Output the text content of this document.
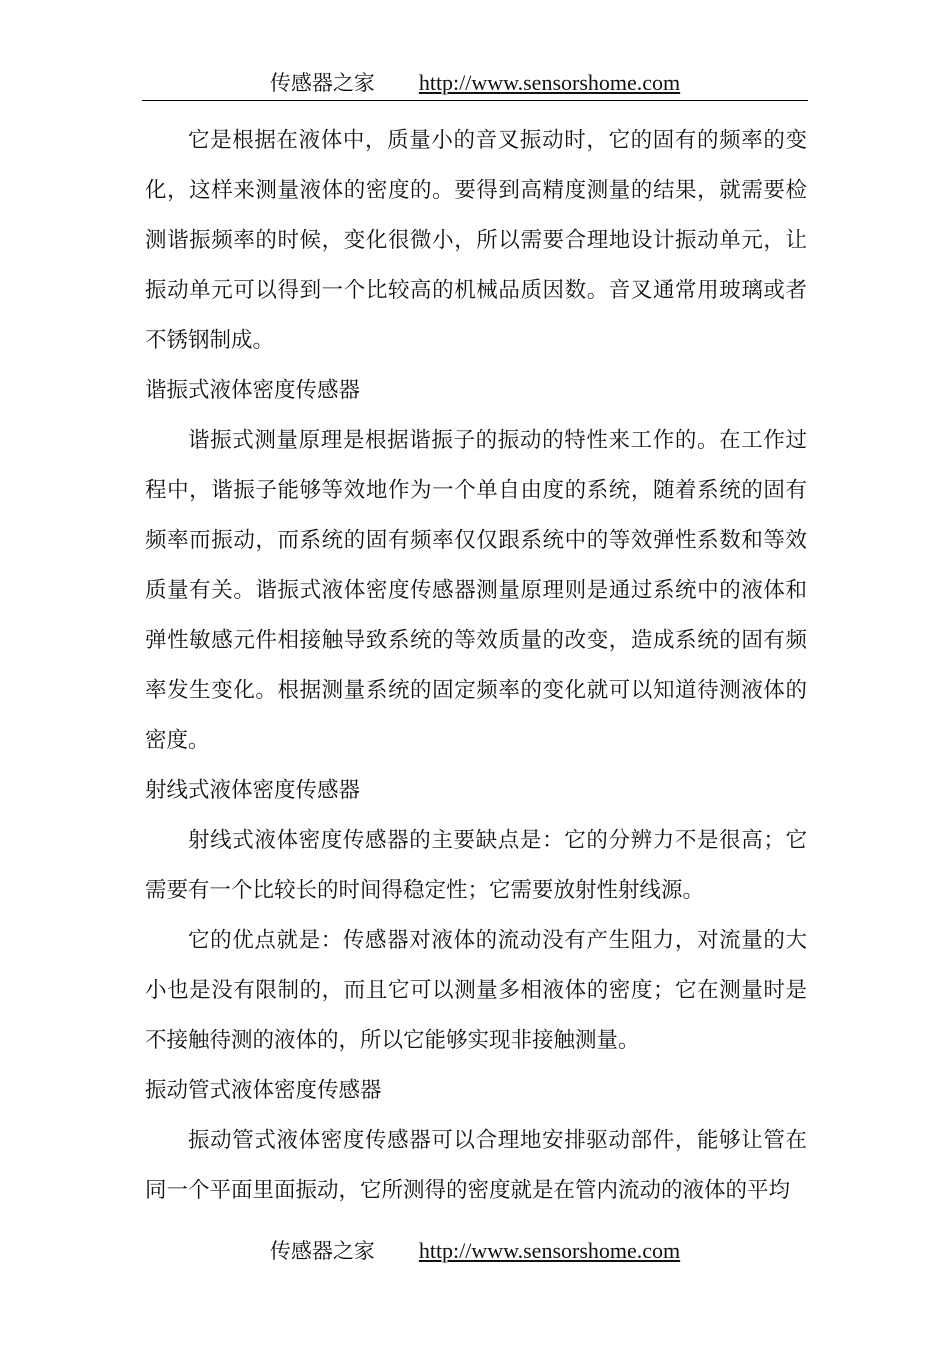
传感器之家 http://www.sensorshome.com

它是根据在液体中，质量小的音叉振动时，它的固有的频率的变化，这样来测量液体的密度的。要得到高精度测量的结果，就需要检测谐振频率的时候，变化很微小，所以需要合理地设计振动单元，让振动单元可以得到一个比较高的机械品质因数。音叉通常用玻璃或者不锈钢制成。

谐振式液体密度传感器

谐振式测量原理是根据谐振子的振动的特性来工作的。在工作过程中，谐振子能够等效地作为一个单自由度的系统，随着系统的固有频率而振动，而系统的固有频率仅仅跟系统中的等效弹性系数和等效质量有关。谐振式液体密度传感器测量原理则是通过系统中的液体和弹性敏感元件相接触导致系统的等效质量的改变，造成系统的固有频率发生变化。根据测量系统的固定频率的变化就可以知道待测液体的密度。

射线式液体密度传感器

射线式液体密度传感器的主要缺点是：它的分辨力不是很高；它需要有一个比较长的时间得稳定性；它需要放射性射线源。

它的优点就是：传感器对液体的流动没有产生阻力，对流量的大小也是没有限制的，而且它可以测量多相液体的密度；它在测量时是不接触待测的液体的，所以它能够实现非接触测量。

振动管式液体密度传感器

振动管式液体密度传感器可以合理地安排驱动部件，能够让管在同一个平面里面振动，它所测得的密度就是在管内流动的液体的平均

传感器之家 http://www.sensorshome.com
